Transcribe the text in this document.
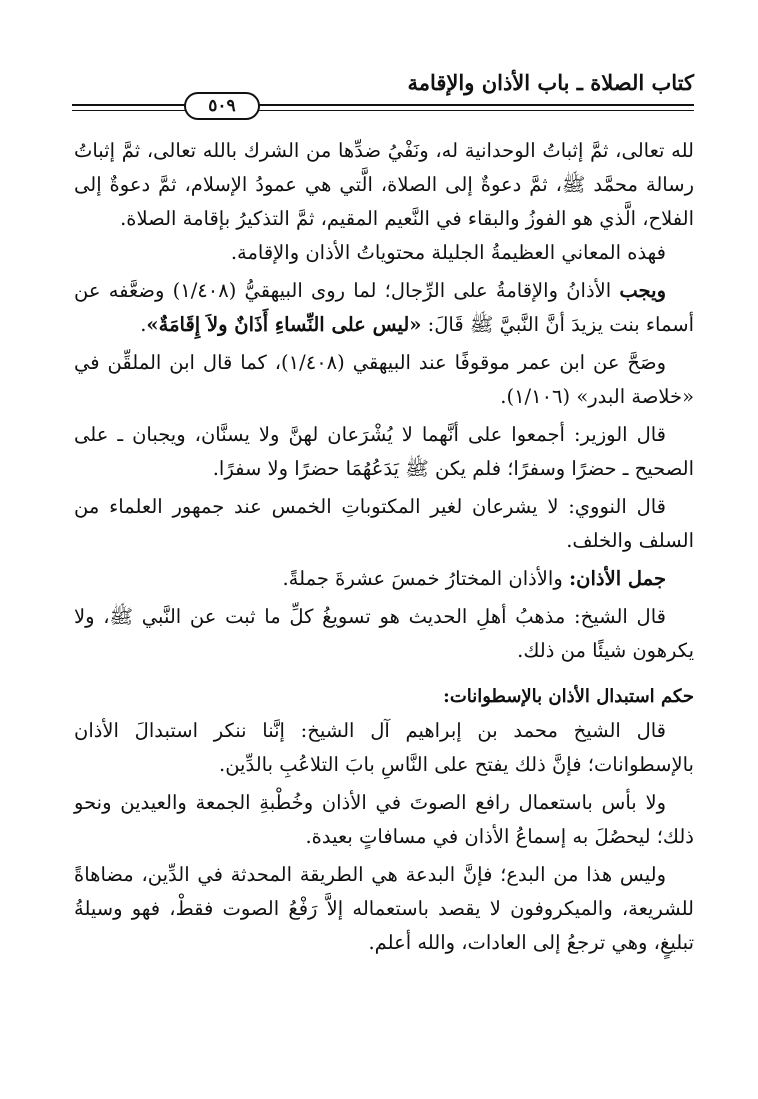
كتاب الصلاة ـ باب الأذان والإقامة
٥٠٩

لله تعالى، ثمَّ إثباتُ الوحدانية له، ونَفْيُ ضدِّها من الشرك بالله تعالى، ثمَّ إثباتُ رسالة محمَّد ﷺ، ثمَّ دعوةٌ إلى الصلاة، الَّتي هي عمودُ الإسلام، ثمَّ دعوةٌ إلى الفلاح، الَّذي هو الفوزُ والبقاء في النَّعيم المقيم، ثمَّ التذكيرُ بإقامة الصلاة.

فهذه المعاني العظيمةُ الجليلة محتوياتُ الأذان والإقامة.

ويجب الأذانُ والإقامةُ على الرِّجال؛ لما روى البيهقيُّ (١/٤٠٨) وضعَّفه عن أسماء بنت يزيدَ أنَّ النَّبيَّ ﷺ قَالَ: «ليس على النِّساءِ أَذَانٌ ولاَ إِقَامَةٌ».

وصَحَّ عن ابن عمر موقوفًا عند البيهقي (١/٤٠٨)، كما قال ابن الملقِّن في «خلاصة البدر» (١/١٠٦).

قال الوزير: أجمعوا على أنَّهما لا يُشْرَعان لهنَّ ولا يسنَّان، ويجبان ـ على الصحيح ـ حضرًا وسفرًا؛ فلم يكن ﷺ يَدَعُهُمَا حضرًا ولا سفرًا.

قال النووي: لا يشرعان لغير المكتوباتِ الخمس عند جمهور العلماء من السلف والخلف.

جمل الأذان: والأذان المختارُ خمسَ عشرةَ جملةً.

قال الشيخ: مذهبُ أهلِ الحديث هو تسويغُ كلِّ ما ثبت عن النَّبي ﷺ، ولا يكرهون شيئًا من ذلك.

حكم استبدال الأذان بالإسطوانات:

قال الشيخ محمد بن إبراهيم آل الشيخ: إنَّنا ننكر استبدالَ الأذان بالإسطوانات؛ فإنَّ ذلك يفتح على النَّاسِ بابَ التلاعُبِ بالدِّين.

ولا بأس باستعمال رافع الصوتَ في الأذان وخُطْبةِ الجمعة والعيدين ونحو ذلك؛ ليحصُلَ به إسماعُ الأذان في مسافاتٍ بعيدة.

وليس هذا من البدع؛ فإنَّ البدعة هي الطريقة المحدثة في الدِّين، مضاهاةً للشريعة، والميكروفون لا يقصد باستعماله إلاَّ رَفْعُ الصوت فقطْ، فهو وسيلةُ تبليغٍ، وهي ترجعُ إلى العادات، والله أعلم.
